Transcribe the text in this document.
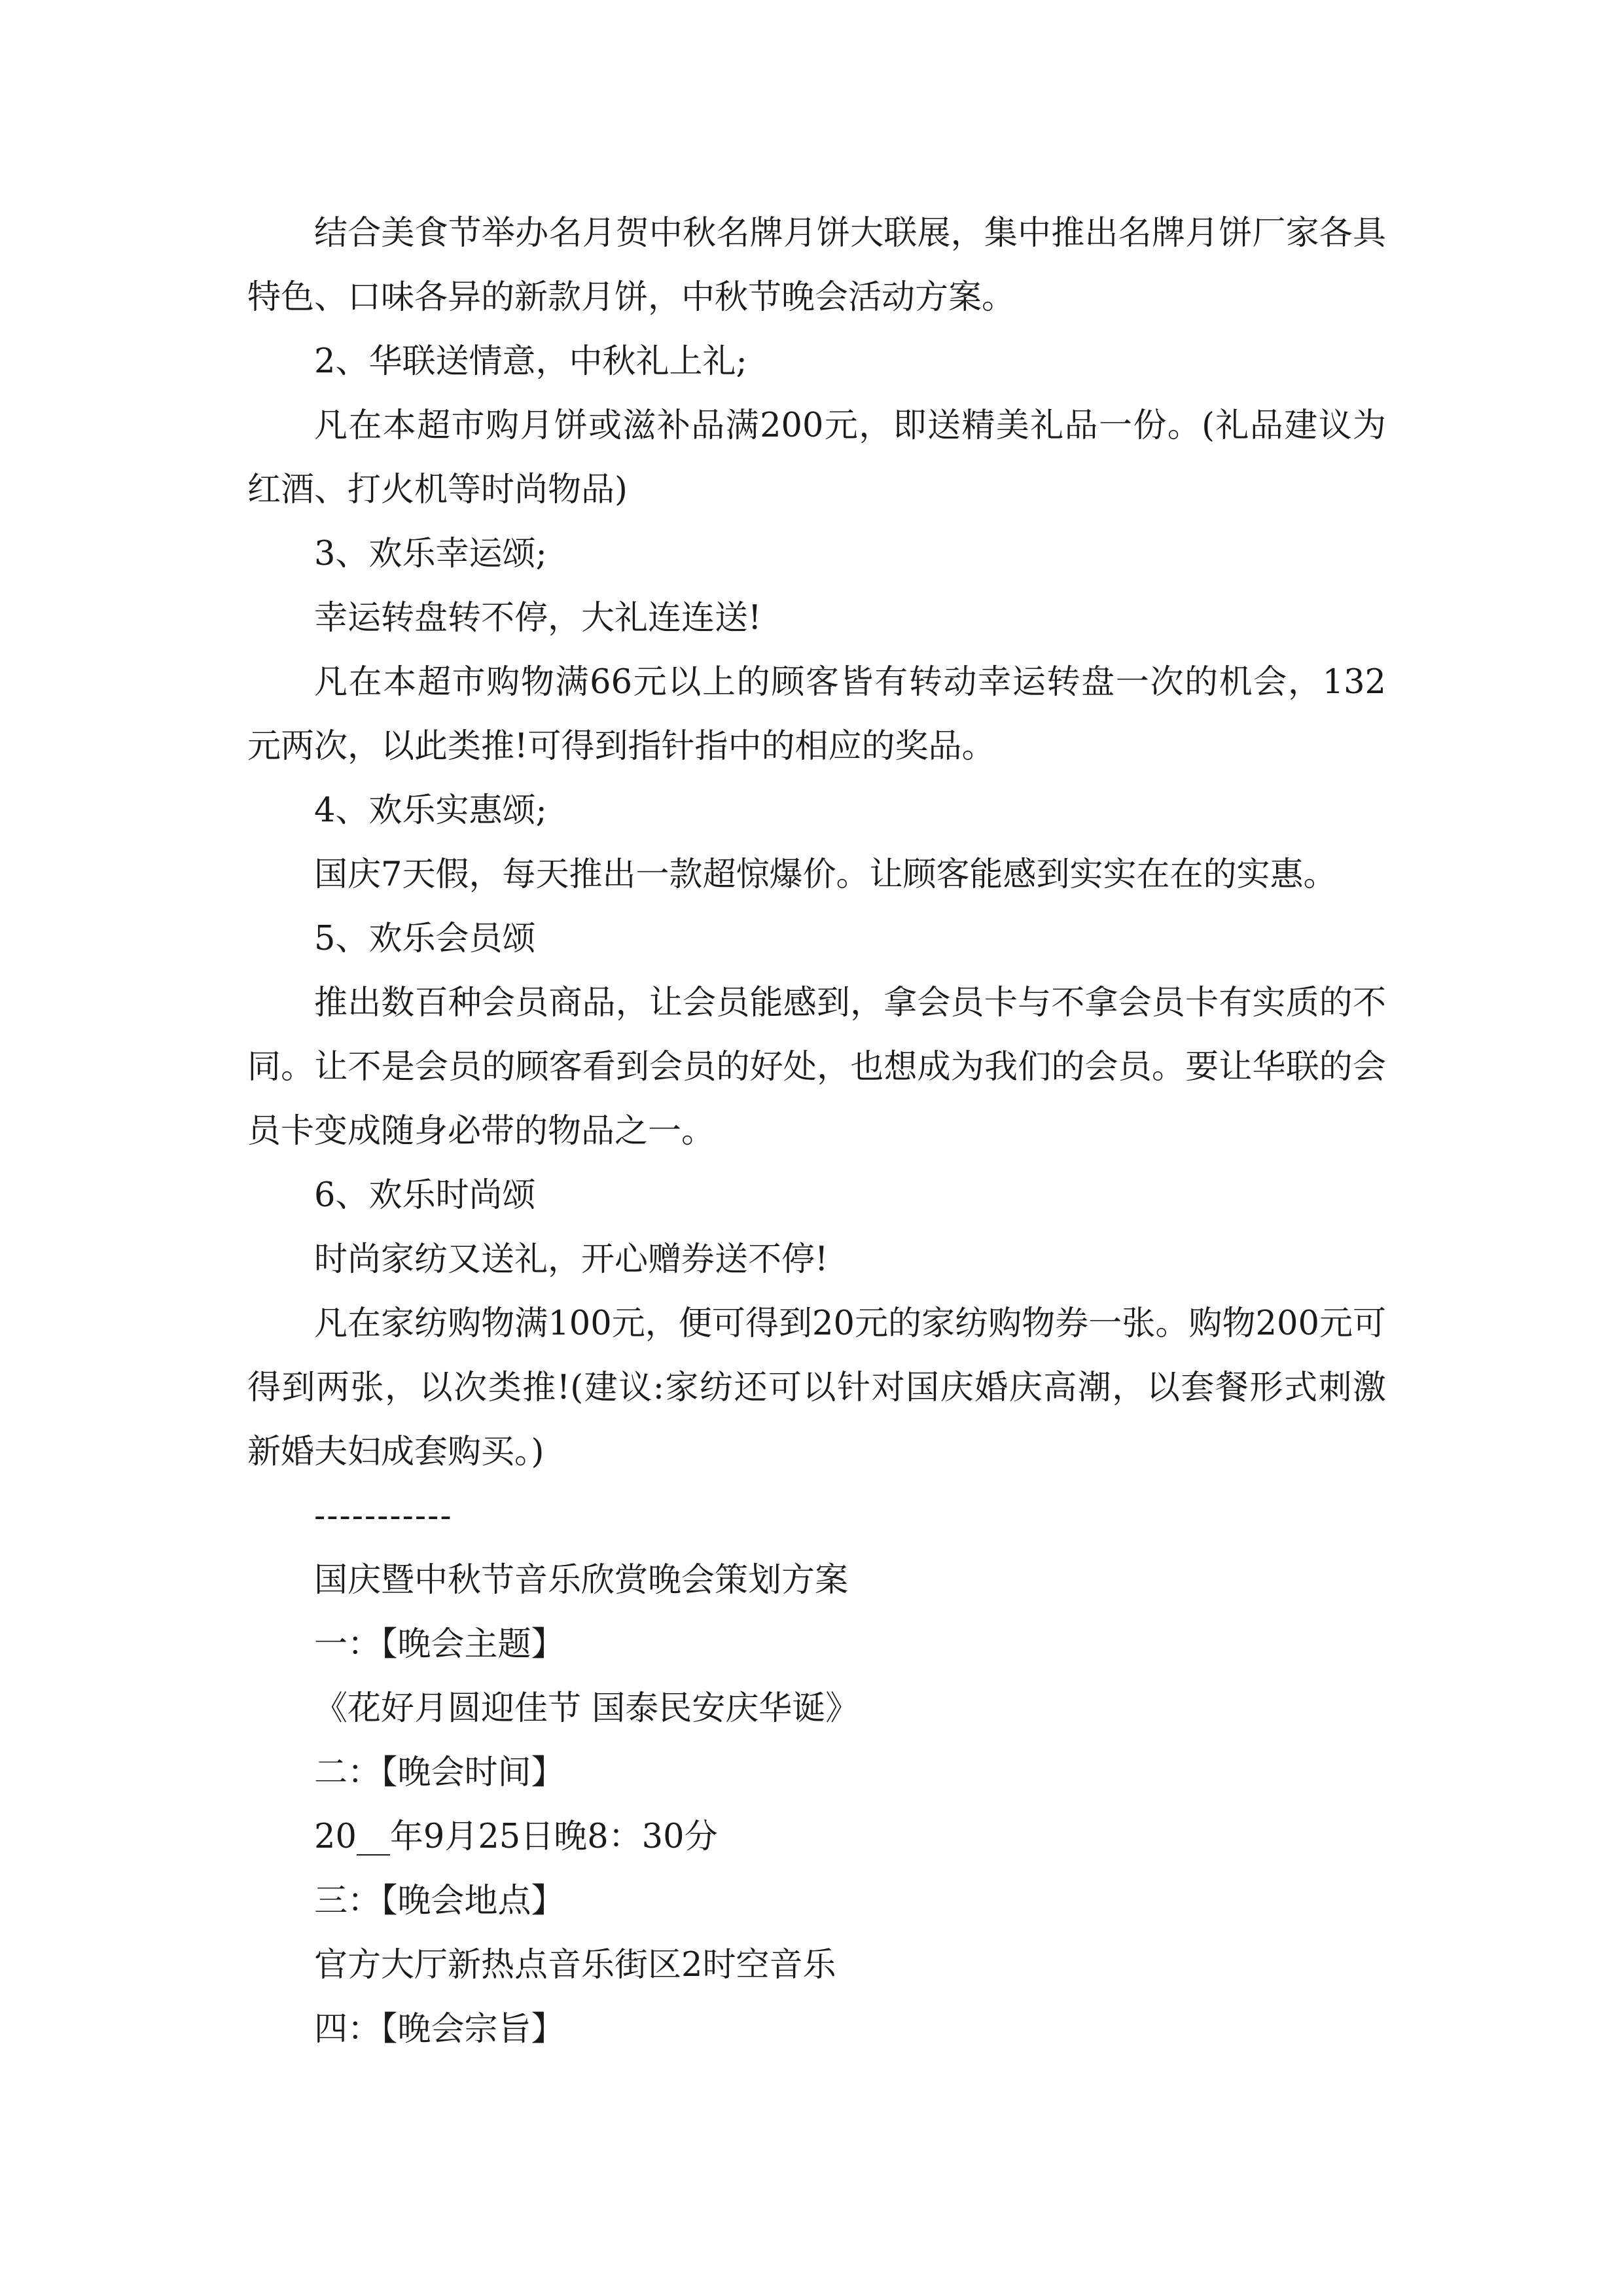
结合美食节举办名月贺中秋名牌月饼大联展，集中推出名牌月饼厂家各具特色、口味各异的新款月饼，中秋节晚会活动方案。

2、华联送情意，中秋礼上礼;

凡在本超市购月饼或滋补品满200元，即送精美礼品一份。(礼品建议为红酒、打火机等时尚物品)

3、欢乐幸运颂;

幸运转盘转不停，大礼连连送!

凡在本超市购物满66元以上的顾客皆有转动幸运转盘一次的机会，132元两次，以此类推!可得到指针指中的相应的奖品。

4、欢乐实惠颂;

国庆7天假，每天推出一款超惊爆价。让顾客能感到实实在在的实惠。

5、欢乐会员颂

推出数百种会员商品，让会员能感到，拿会员卡与不拿会员卡有实质的不同。让不是会员的顾客看到会员的好处，也想成为我们的会员。要让华联的会员卡变成随身必带的物品之一。

6、欢乐时尚颂

时尚家纺又送礼，开心赠券送不停!

凡在家纺购物满100元，便可得到20元的家纺购物券一张。购物200元可得到两张，以次类推!(建议:家纺还可以针对国庆婚庆高潮，以套餐形式刺激新婚夫妇成套购买。)

-----------

国庆暨中秋节音乐欣赏晚会策划方案

一：【晚会主题】

《花好月圆迎佳节 国泰民安庆华诞》

二：【晚会时间】

20__年9月25日晚8：30分

三：【晚会地点】

官方大厅新热点音乐街区2时空音乐

四：【晚会宗旨】
